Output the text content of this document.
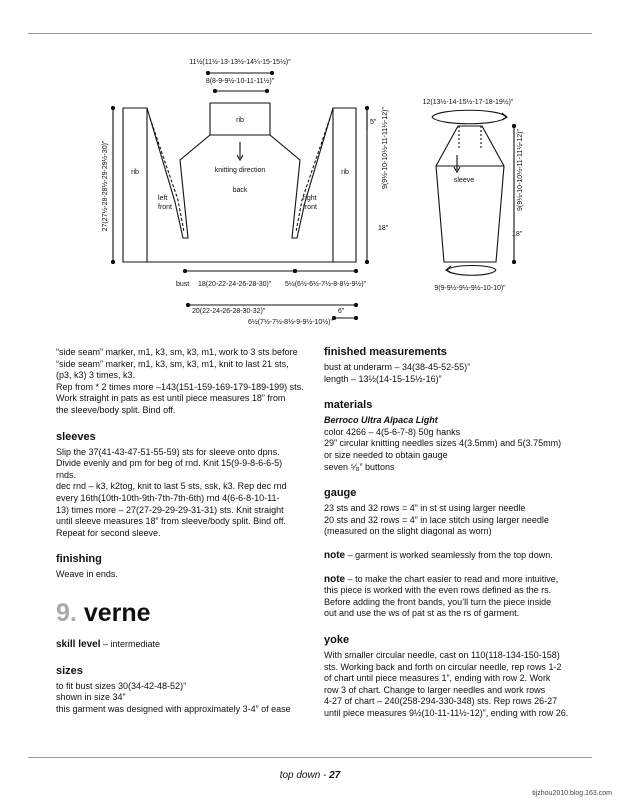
11½(11½-13-13½-14¼-15-15½)"
8(8-9-9½-10-11-11½)"
rib
rib	rib
knitting direction
back
left
front
right
front
5"
18"
bust 18(20-22-24-26-28-30)" 5½(6½-6½-7½-8-8½-9½)"
20(22-24-26-28-30-32)"	6"
6½(7½-7½-8½-9-9½-10½)"
27(27½-28-28½-29-29½-30)"	9(9½-10-10½-11-11½-12)"
12(13½-14-15½-17-18-19½)"
sleeve
18"
9(9-9½-9½-9½-10-10)"
9(9½-10-10½-11-11½-12)"

“side seam” marker, m1, k3, sm, k3, m1, work to 3 sts before

“side seam” marker, m1, k3, sm, k3, m1, knit to last 21 sts,

(p3, k3) 3 times, k3.

Rep from * 2 times more –143(151-159-169-179-189-199) sts.

Work straight in pats as est until piece measures 18” from

the sleeve/body split. Bind off.

sleeves

Slip the 37(41-43-47-51-55-59) sts for sleeve onto dpns.

Divide evenly and pm for beg of rnd. Knit 15(9-9-8-6-6-5)

rnds.

dec rnd – k3, k2tog, knit to last 5 sts, ssk, k3. Rep dec rnd

every 16th(10th-10th-9th-7th-7th-6th) rnd 4(6-6-8-10-11-

13) times more – 27(27-29-29-29-31-31) sts. Knit straight

until sleeve measures 18” from sleeve/body split. Bind off.

Repeat for second sleeve.

finishing

Weave in ends.

9. verne

skill level – intermediate

sizes

to fit bust sizes 30(34-42-48-52)”

shown in size 34”

this garment was designed with approximately 3-4” of ease

finished measurements

bust at underarm – 34(38-45-52-55)”

length – 13½(14-15-15½-16)”

materials

Berroco Ultra Alpaca Light

color 4266 – 4(5-6-7-8) 50g hanks

29” circular knitting needles sizes 4(3.5mm) and 5(3.75mm)

or size needed to obtain gauge

seven ⁵⁄₈” buttons

gauge

23 sts and 32 rows = 4” in st st using larger needle

20 sts and 32 rows = 4” in lace stitch using larger needle

(measured on the slight diagonal as worn)

note – garment is worked seamlessly from the top down.

note – to make the chart easier to read and more intuitive,

this piece is worked with the even rows defined as the rs.

Before adding the front bands, you’ll turn the piece inside

out and use the ws of pat st as the rs of garment.

yoke

With smaller circular needle, cast on 110(118-134-150-158)

sts. Working back and forth on circular needle, rep rows 1-2

of chart until piece measures 1”, ending with row 2. Work

row 3 of chart. Change to larger needles and work rows

4-27 of chart – 240(258-294-330-348) sts. Rep rows 26-27

until piece measures 9½(10-11-11½-12)”, ending with row 26.

top down - 27
tijzhou2010.blog.163.com
